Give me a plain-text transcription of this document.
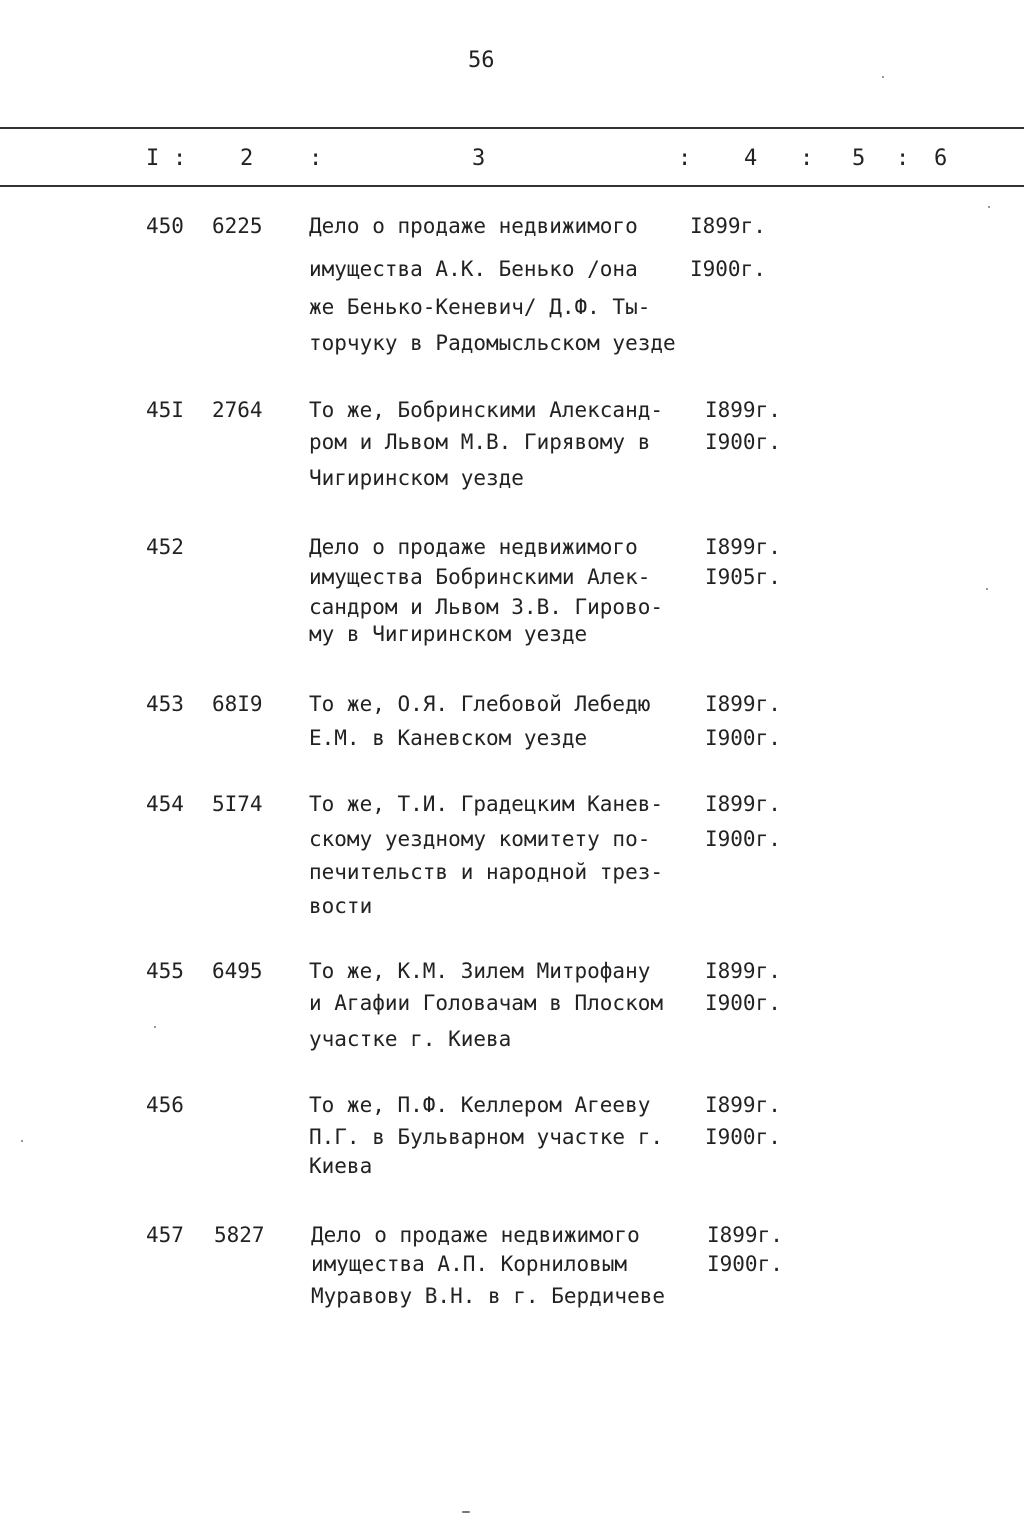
56
I : 2	:	3	: 4 : 5 : 6
450 6225 Дело о продаже недвижимого
имущества А.К. Бенько /она
же Бенько-Кеневич/ Д.Ф. Ты-
торчуку в Радомысльском уезде
I899г.
I900г.
45I 2764 То же, Бобринскими Александ-
ром и Львом М.В. Гирявому в
Чигиринском уезде
I899г.
I900г.
452	Дело о продаже недвижимого
имущества Бобринскими Алек-
сандром и Львом З.В. Гирово-
му в Чигиринском уезде
I899г.
I905г.
453 68I9 То же, О.Я. Глебовой Лебедю
Е.М. в Каневском уезде
I899г.
I900г.
454 5I74 То же, Т.И. Градецким Канев-
скому уездному комитету по-
печительств и народной трез-
вости
I899г.
I900г.
455 6495 То же, К.М. Зилем Митрофану
и Агафии Головачам в Плоском
участке г. Киева
I899г.
I900г.
456	То же, П.Ф. Келлером Агееву
П.Г. в Бульварном участке г.
Киева
I899г.
I900г.
457 5827 Дело о продаже недвижимого
имущества А.П. Корниловым
Муравову В.Н. в г. Бердичеве
I899г.
I900г.
